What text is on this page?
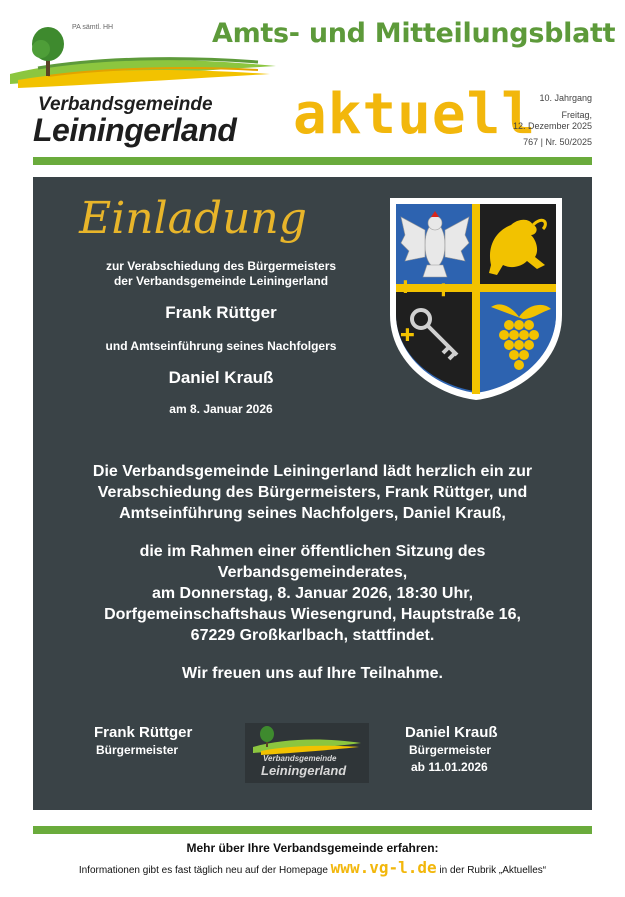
PA sämtl. HH
Verbandsgemeinde
Leiningerland
Amts- und Mitteilungsblatt
aktuell 10. Jahrgang
Freitag,
12. Dezember 2025
767 | Nr. 50/2025
Einladung
zur Verabschiedung des Bürgermeisters
der Verbandsgemeinde Leiningerland
Frank Rüttger
und Amtseinführung seines Nachfolgers
Daniel Krauß
am 8. Januar 2026
Die Verbandsgemeinde Leiningerland lädt herzlich ein zur
Verabschiedung des Bürgermeisters, Frank Rüttger, und
Amtseinführung seines Nachfolgers, Daniel Krauß,
die im Rahmen einer öffentlichen Sitzung des
Verbandsgemeinderates,
am Donnerstag, 8. Januar 2026, 18:30 Uhr,
Dorfgemeinschaftshaus Wiesengrund, Hauptstraße 16,
67229 Großkarlbach, stattfindet.
Wir freuen uns auf Ihre Teilnahme.
Frank Rüttger
Bürgermeister
Verbandsgemeinde
Leiningerland
Daniel Krauß
Bürgermeister
ab 11.01.2026
Mehr über Ihre Verbandsgemeinde erfahren:
Informationen gibt es fast täglich neu auf der Homepage www.vg-l.de in der Rubrik „Aktuelles“
